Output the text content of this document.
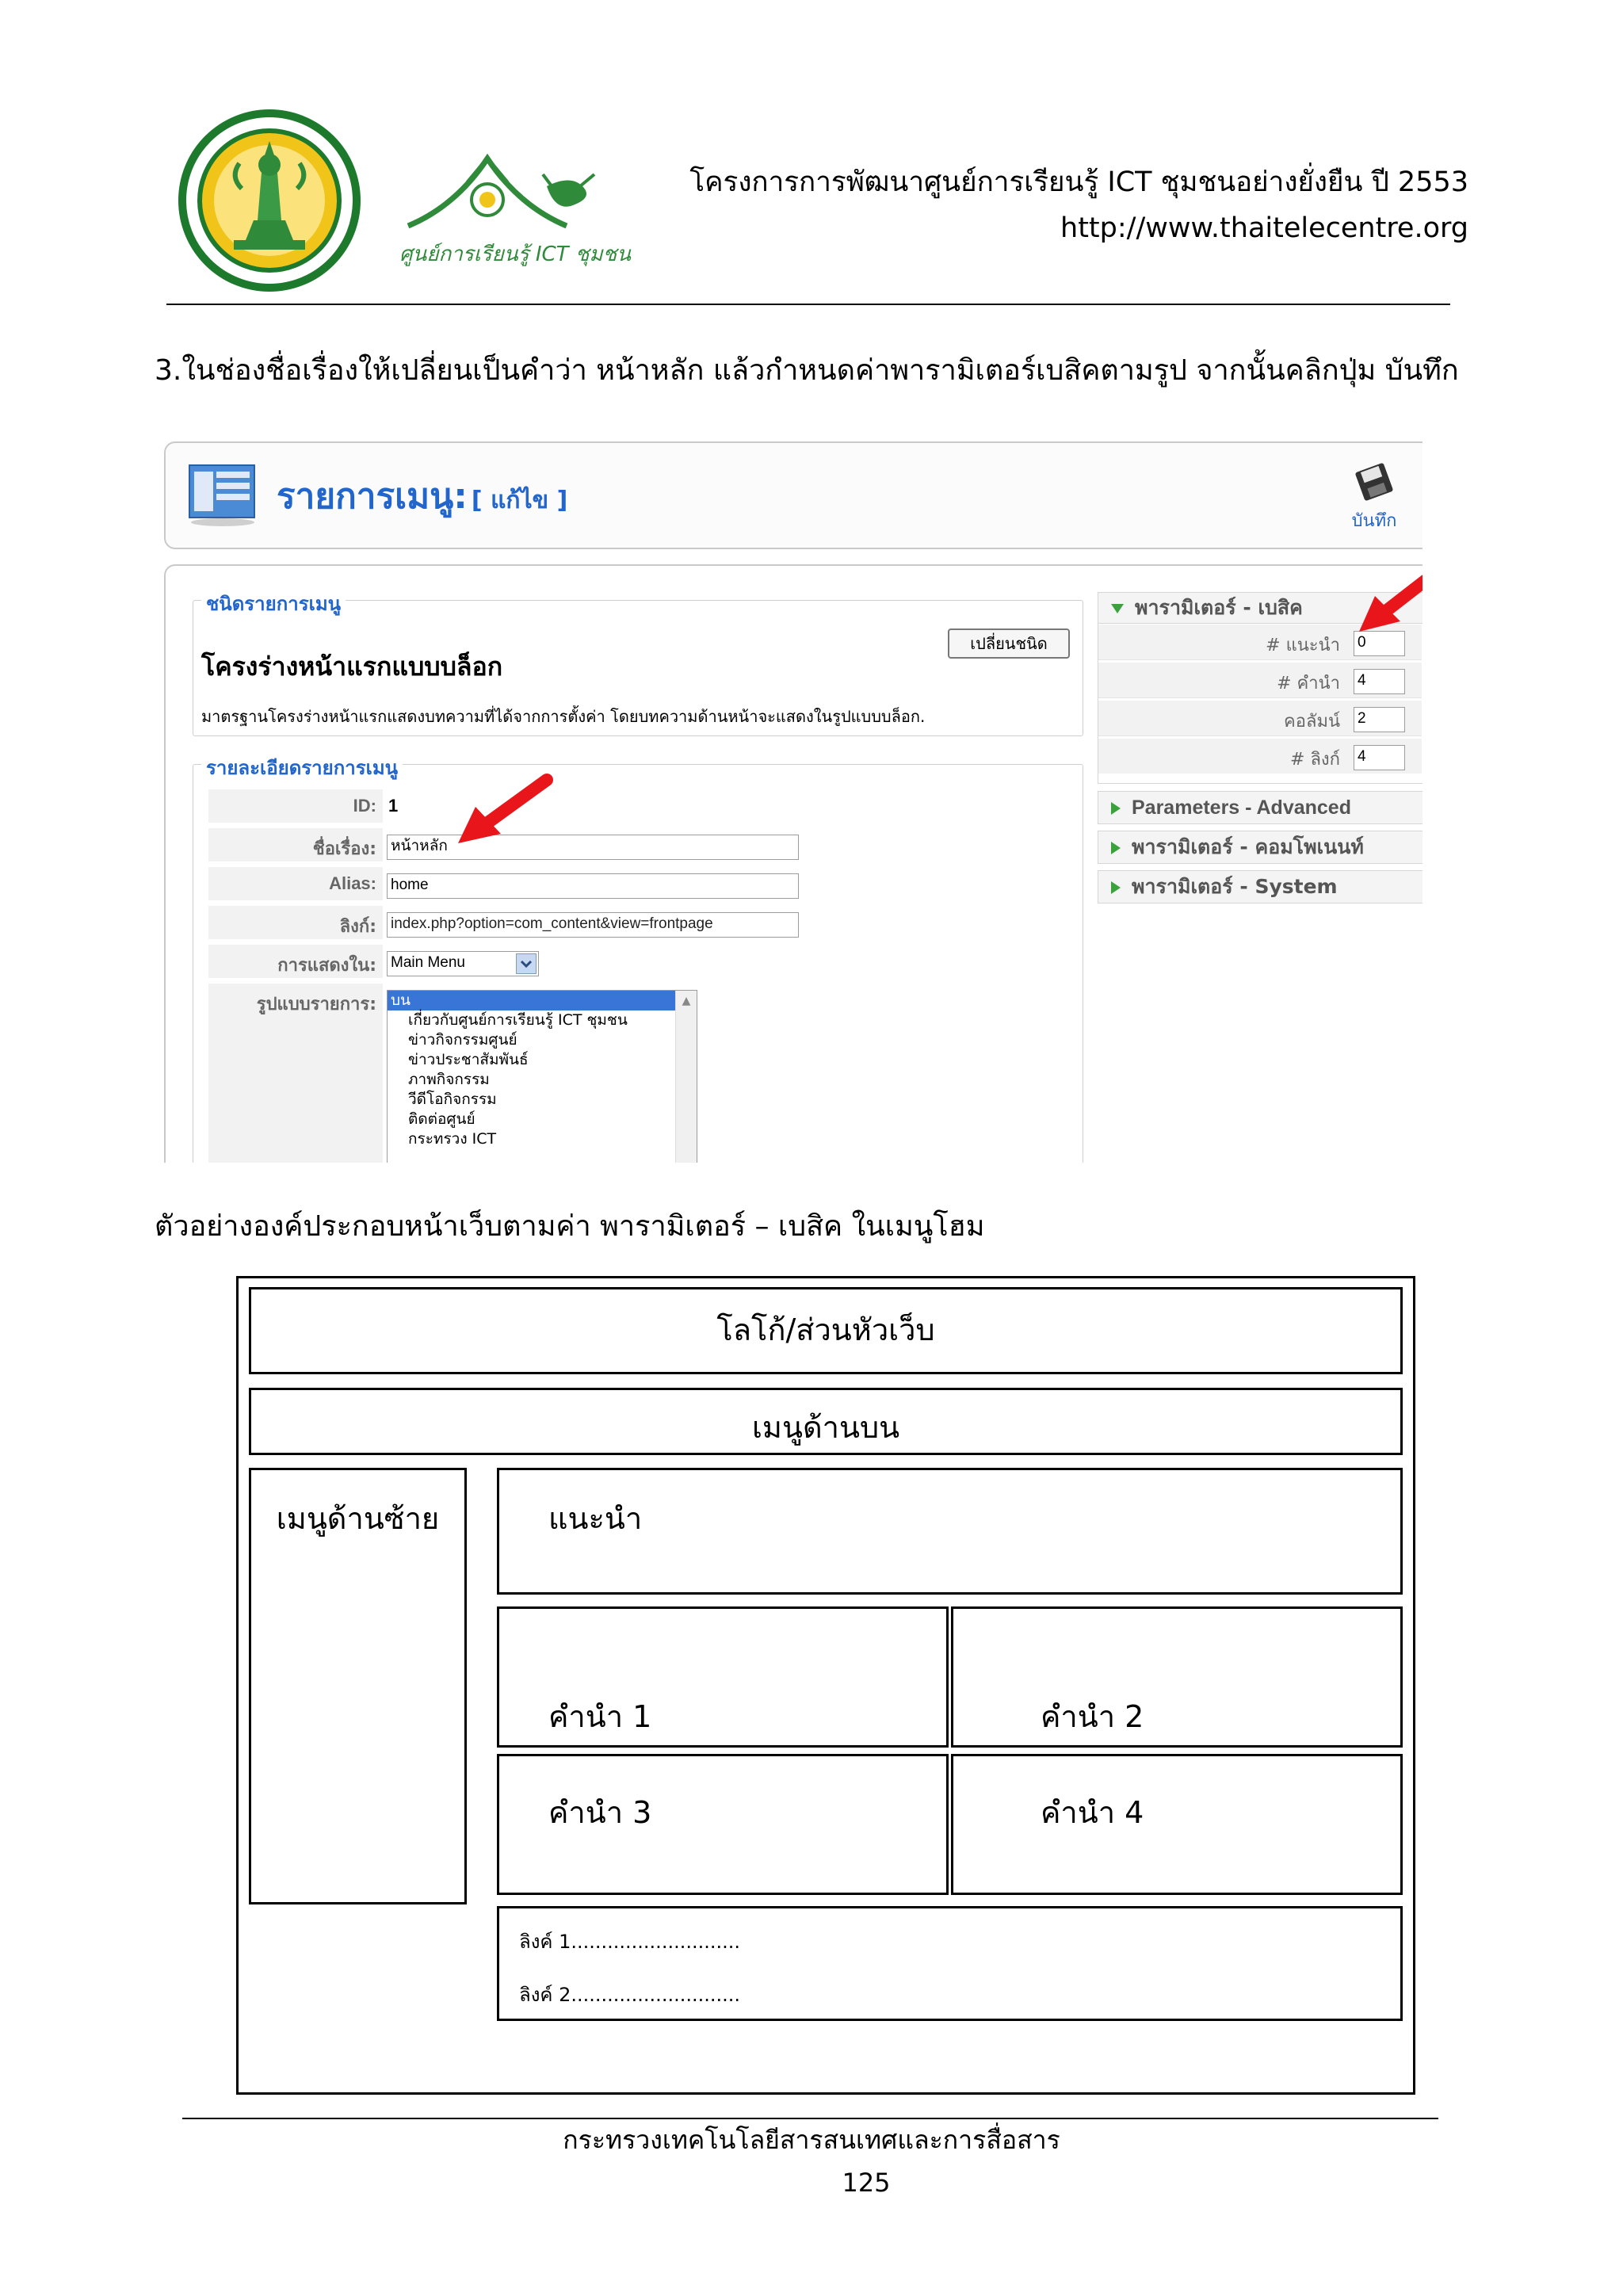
ศูนย์การเรียนรู้ ICT ชุมชน
โครงการการพัฒนาศูนย์การเรียนรู้ ICT ชุมชนอย่างยั่งยืน ปี 2553
http://www.thaitelecentre.org
3.ในช่องชื่อเรื่องให้เปลี่ยนเป็นคำว่า หน้าหลัก แล้วกำหนดค่าพารามิเตอร์เบสิคตามรูป จากนั้นคลิกปุ่ม บันทึก
รายการเมนู: [ แก้ไข ]
บันทึก
ชนิดรายการเมนู
โครงร่างหน้าแรกแบบบล็อก
เปลี่ยนชนิด
มาตรฐานโครงร่างหน้าแรกแสดงบทความที่ได้จากการตั้งค่า โดยบทความด้านหน้าจะแสดงในรูปแบบบล็อก.
รายละเอียดรายการเมนู
ID: 1
ชื่อเรื่อง: หน้าหลัก
Alias: home
ลิงก์: index.php?option=com_content&view=frontpage
การแสดงใน: Main Menu
รูปแบบรายการ:	▲
บน
เกี่ยวกับศูนย์การเรียนรู้ ICT ชุมชน
ข่าวกิจกรรมศูนย์
ข่าวประชาสัมพันธ์
ภาพกิจกรรม
วีดีโอกิจกรรม
ติดต่อศูนย์
กระทรวง ICT
พารามิเตอร์ - เบสิค
# แนะนำ 0
# คำนำ 4
คอลัมน์ 2
# ลิงก์ 4
Parameters - Advanced
พารามิเตอร์ - คอมโพเนนท์
พารามิเตอร์ - System
ตัวอย่างองค์ประกอบหน้าเว็บตามค่า พารามิเตอร์ – เบสิค ในเมนูโฮม
โลโก้/ส่วนหัวเว็บ
เมนูด้านบน
เมนูด้านซ้าย	แนะนำ
คำนำ 1	คำนำ 2
คำนำ 3	คำนำ 4
ลิงค์ 1............................
ลิงค์ 2............................
กระทรวงเทคโนโลยีสารสนเทศและการสื่อสาร
125
